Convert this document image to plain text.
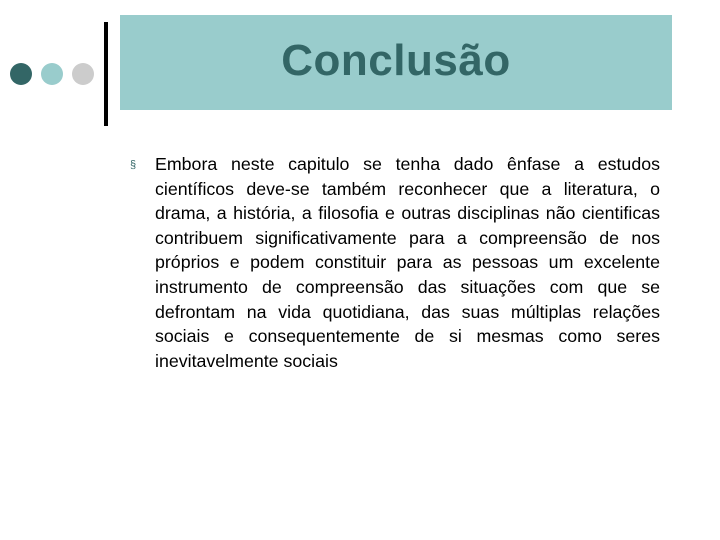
Conclusão
§ Embora neste capitulo se tenha dado ênfase a estudos científicos deve-se também reconhecer que a literatura, o drama, a história, a filosofia e outras disciplinas não cientificas contribuem significativamente para a compreensão de nos próprios e podem constituir para as pessoas um excelente instrumento de compreensão das situações com que se defrontam na vida quotidiana, das suas múltiplas relações sociais e consequentemente de si mesmas como seres inevitavelmente sociais
